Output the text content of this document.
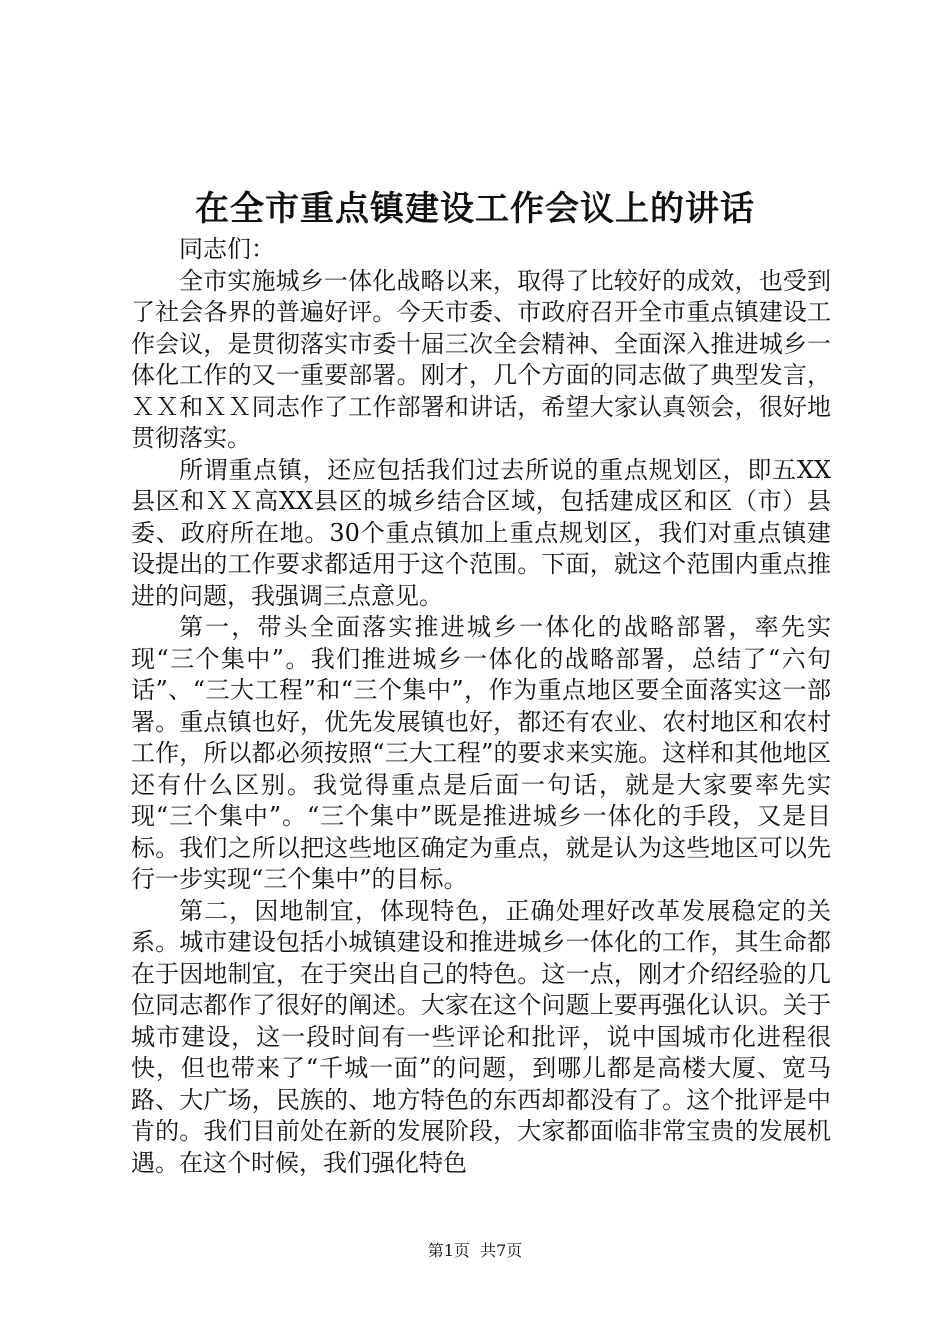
在全市重点镇建设工作会议上的讲话

同志们：

全市实施城乡一体化战略以来，取得了比较好的成效，也受到了社会各界的普遍好评。今天市委、市政府召开全市重点镇建设工作会议，是贯彻落实市委十届三次全会精神、全面深入推进城乡一体化工作的又一重要部署。刚才，几个方面的同志做了典型发言，ＸＸ和ＸＸ同志作了工作部署和讲话，希望大家认真领会，很好地贯彻落实。

所谓重点镇，还应包括我们过去所说的重点规划区，即五XX县区和ＸＸ高XX县区的城乡结合区域，包括建成区和区（市）县委、政府所在地。30个重点镇加上重点规划区，我们对重点镇建设提出的工作要求都适用于这个范围。下面，就这个范围内重点推进的问题，我强调三点意见。

第一，带头全面落实推进城乡一体化的战略部署，率先实现“三个集中”。我们推进城乡一体化的战略部署，总结了“六句话”、“三大工程”和“三个集中”，作为重点地区要全面落实这一部署。重点镇也好，优先发展镇也好，都还有农业、农村地区和农村工作，所以都必须按照“三大工程”的要求来实施。这样和其他地区还有什么区别。我觉得重点是后面一句话，就是大家要率先实现“三个集中”。“三个集中”既是推进城乡一体化的手段，又是目标。我们之所以把这些地区确定为重点，就是认为这些地区可以先行一步实现“三个集中”的目标。

第二，因地制宜，体现特色，正确处理好改革发展稳定的关系。城市建设包括小城镇建设和推进城乡一体化的工作，其生命都在于因地制宜，在于突出自己的特色。这一点，刚才介绍经验的几位同志都作了很好的阐述。大家在这个问题上要再强化认识。关于城市建设，这一段时间有一些评论和批评，说中国城市化进程很快，但也带来了“千城一面”的问题，到哪儿都是高楼大厦、宽马路、大广场，民族的、地方特色的东西却都没有了。这个批评是中肯的。我们目前处在新的发展阶段，大家都面临非常宝贵的发展机遇。在这个时候，我们强化特色

第1页 共7页
